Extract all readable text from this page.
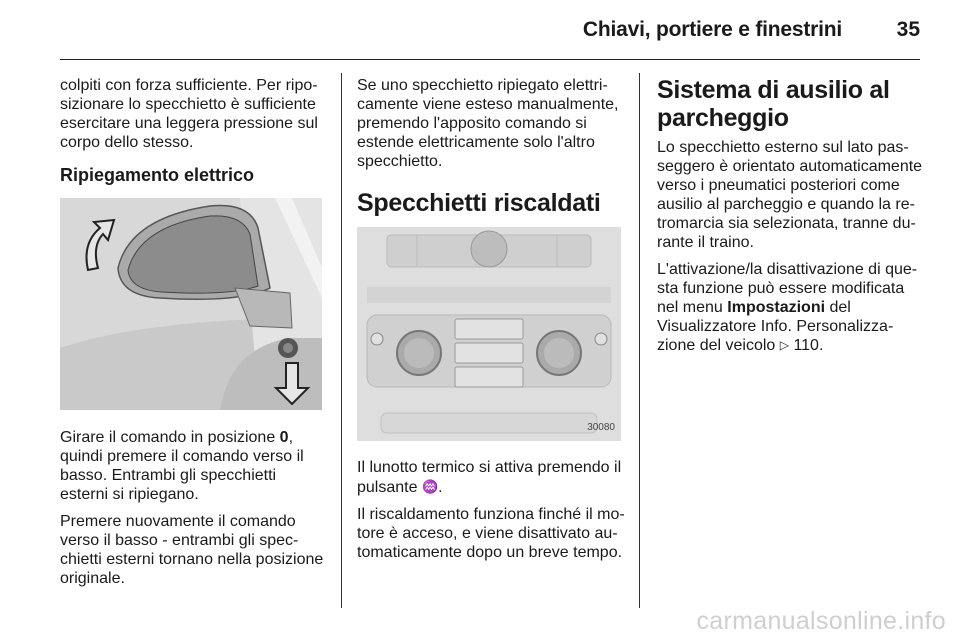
Chiavi, portiere e finestrini	35

colpiti con forza sufficiente. Per ripo-sizionare lo specchietto è sufficiente esercitare una leggera pressione sul corpo dello stesso.

Ripiegamento elettrico

Girare il comando in posizione 0, quindi premere il comando verso il basso. Entrambi gli specchietti esterni si ripiegano.

Premere nuovamente il comando verso il basso - entrambi gli spec-chietti esterni tornano nella posizione originale.

Se uno specchietto ripiegato elettri-camente viene esteso manualmente, premendo l'apposito comando si estende elettricamente solo l'altro specchietto.

Specchietti riscaldati
30080

Il lunotto termico si attiva premendo il pulsante ♒.

Il riscaldamento funziona finché il mo-tore è acceso, e viene disattivato au-tomaticamente dopo un breve tempo.

Sistema di ausilio al parcheggio

Lo specchietto esterno sul lato pas-seggero è orientato automaticamente verso i pneumatici posteriori come ausilio al parcheggio e quando la re-tromarcia sia selezionata, tranne du-rante il traino.

L'attivazione/la disattivazione di que-sta funzione può essere modificata nel menu Impostazioni del Visualizzatore Info. Personalizza-zione del veicolo ▷ 110.

carmanualsonline.info
